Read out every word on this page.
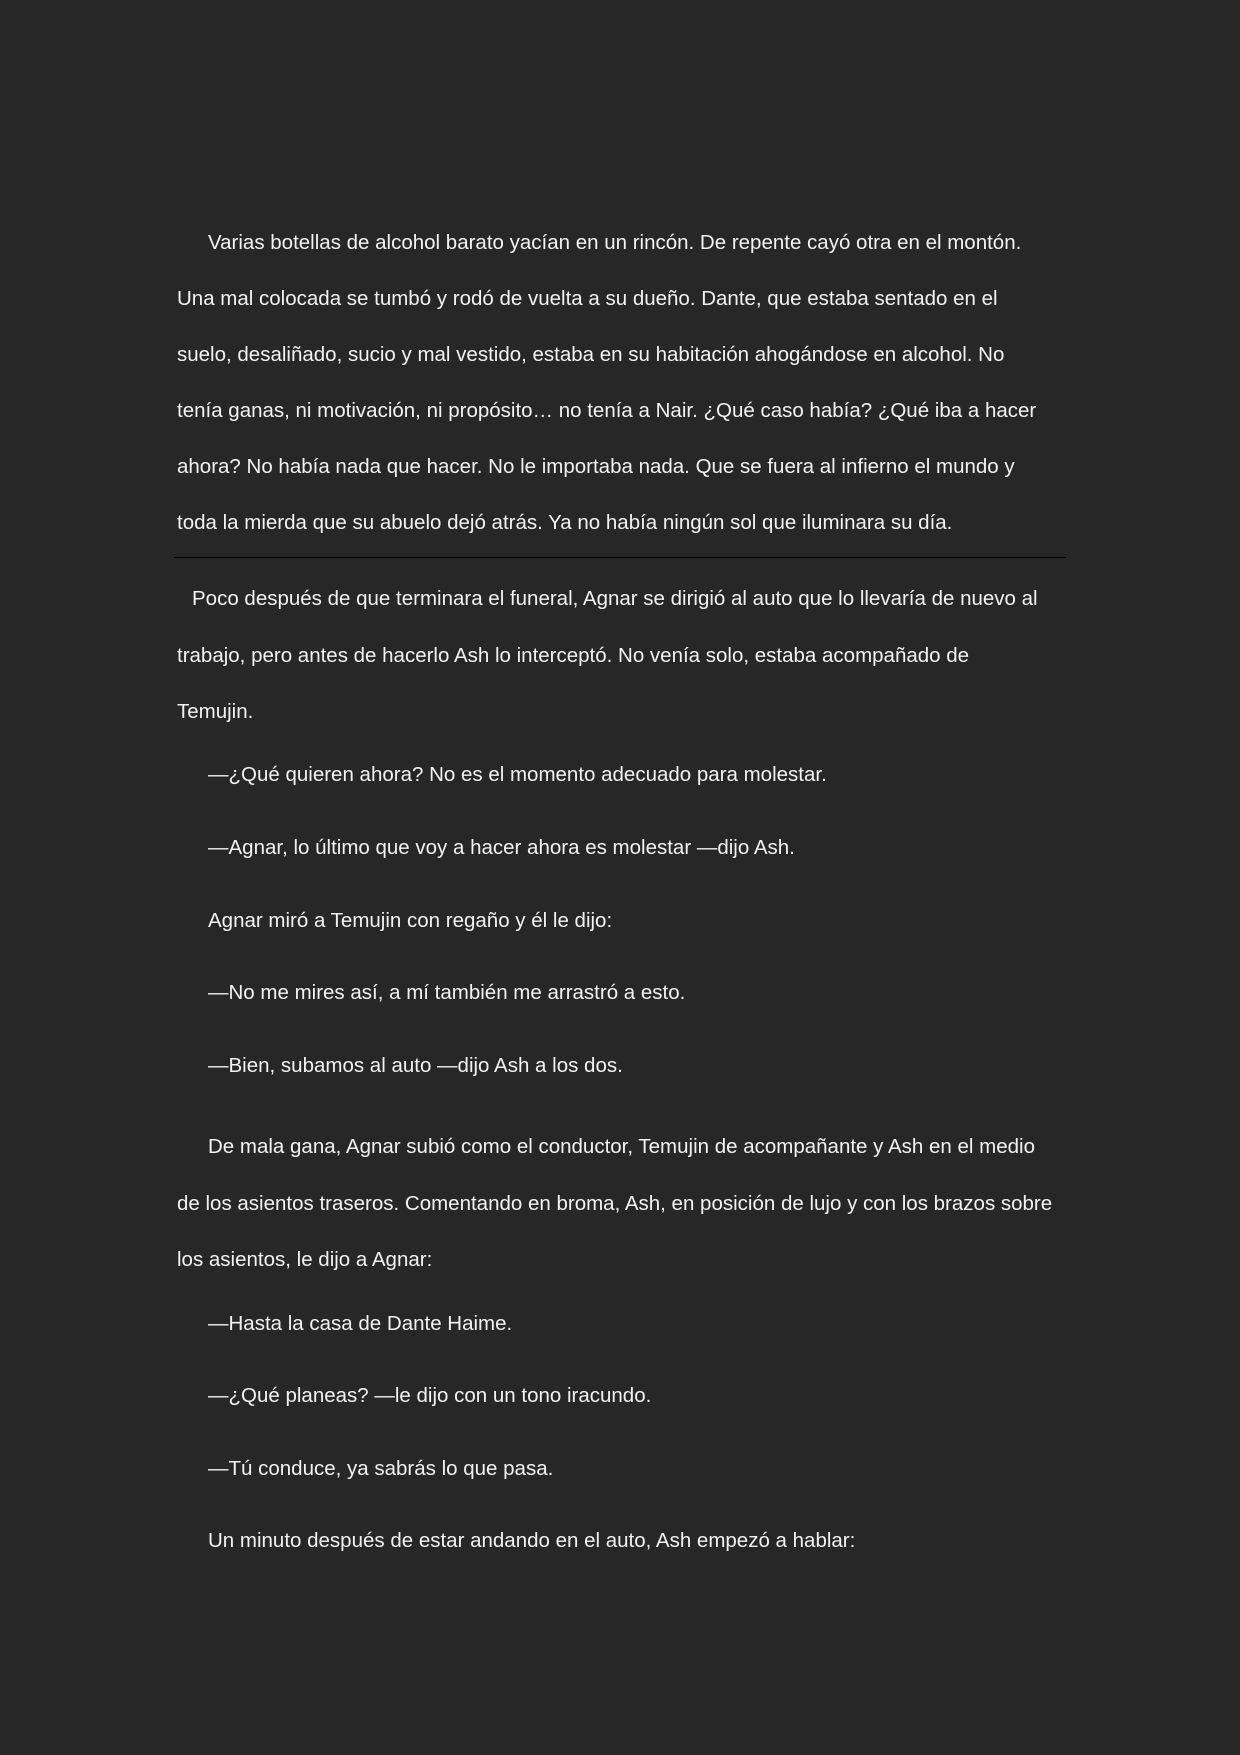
Varias botellas de alcohol barato yacían en un rincón. De repente cayó otra en el montón.

Una mal colocada se tumbó y rodó de vuelta a su dueño. Dante, que estaba sentado en el

suelo, desaliñado, sucio y mal vestido, estaba en su habitación ahogándose en alcohol. No

tenía ganas, ni motivación, ni propósito… no tenía a Nair. ¿Qué caso había? ¿Qué iba a hacer

ahora? No había nada que hacer. No le importaba nada. Que se fuera al infierno el mundo y

toda la mierda que su abuelo dejó atrás. Ya no había ningún sol que iluminara su día.

Poco después de que terminara el funeral, Agnar se dirigió al auto que lo llevaría de nuevo al

trabajo, pero antes de hacerlo Ash lo interceptó. No venía solo, estaba acompañado de

Temujin.

—¿Qué quieren ahora? No es el momento adecuado para molestar.

—Agnar, lo último que voy a hacer ahora es molestar —dijo Ash.

Agnar miró a Temujin con regaño y él le dijo:

—No me mires así, a mí también me arrastró a esto.

—Bien, subamos al auto —dijo Ash a los dos.

De mala gana, Agnar subió como el conductor, Temujin de acompañante y Ash en el medio

de los asientos traseros. Comentando en broma, Ash, en posición de lujo y con los brazos sobre

los asientos, le dijo a Agnar:

—Hasta la casa de Dante Haime.

—¿Qué planeas? —le dijo con un tono iracundo.

—Tú conduce, ya sabrás lo que pasa.

Un minuto después de estar andando en el auto, Ash empezó a hablar:
